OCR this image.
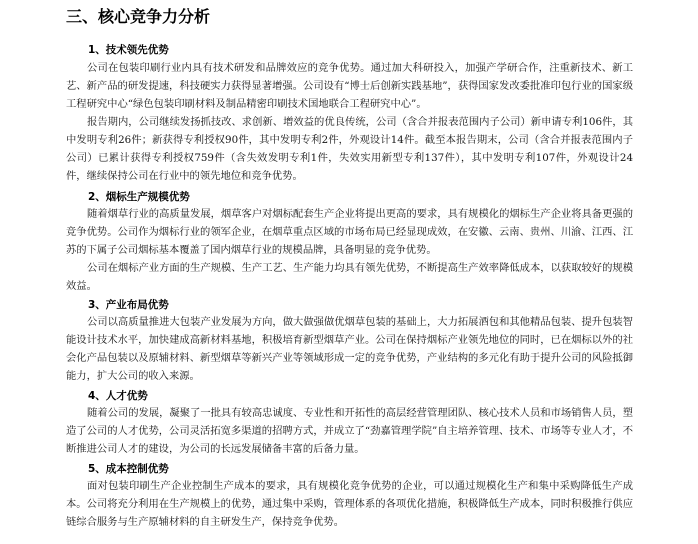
三、核心竞争力分析
1、技术领先优势
公司在包装印刷行业内具有技术研发和品牌效应的竞争优势。通过加大科研投入，加强产学研合作，注重新技术、新工艺、新产品的研发提速，科技硬实力获得显著增强。公司设有“博士后创新实践基地”，获得国家发改委批准印包行业的国家级工程研究中心“绿色包装印刷材料及制品精密印刷技术国地联合工程研究中心”。
报告期内，公司继续发扬抓技改、求创新、增效益的优良传统，公司（含合并报表范围内子公司）新申请专利106件，其中发明专利26件；新获得专利授权90件，其中发明专利2件，外观设计14件。截至本报告期末，公司（含合并报表范围内子公司）已累计获得专利授权759件（含失效发明专利1件，失效实用新型专利137件），其中发明专利107件，外观设计24件，继续保持公司在行业中的领先地位和竞争优势。
2、烟标生产规模优势
随着烟草行业的高质量发展，烟草客户对烟标配套生产企业将提出更高的要求，具有规模化的烟标生产企业将具备更强的竞争优势。公司作为烟标行业的领军企业，在烟草重点区域的市场布局已经显现成效，在安徽、云南、贵州、川渝、江西、江苏的下属子公司烟标基本覆盖了国内烟草行业的规模品牌，具备明显的竞争优势。
公司在烟标产业方面的生产规模、生产工艺、生产能力均具有领先优势，不断提高生产效率降低成本，以获取较好的规模效益。
3、产业布局优势
公司以高质量推进大包装产业发展为方向，做大做强做优烟草包装的基础上，大力拓展酒包和其他精品包装、提升包装智能设计技术水平，加快建成高新材料基地，积极培育新型烟草产业。公司在保持烟标产业领先地位的同时，已在烟标以外的社会化产品包装以及原辅材料、新型烟草等新兴产业等领域形成一定的竞争优势，产业结构的多元化有助于提升公司的风险抵御能力，扩大公司的收入来源。
4、人才优势
随着公司的发展，凝聚了一批具有较高忠诚度、专业性和开拓性的高层经营管理团队、核心技术人员和市场销售人员，塑造了公司的人才优势，公司灵活拓宽多渠道的招聘方式，并成立了“劲嘉管理学院”自主培养管理、技术、市场等专业人才，不断推进公司人才的建设，为公司的长远发展储备丰富的后备力量。
5、成本控制优势
面对包装印刷生产企业控制生产成本的要求，具有规模化竞争优势的企业，可以通过规模化生产和集中采购降低生产成本。公司将充分利用在生产规模上的优势，通过集中采购，管理体系的各项优化措施，积极降低生产成本，同时积极推行供应链综合服务与生产原辅材料的自主研发生产，保持竞争优势。
